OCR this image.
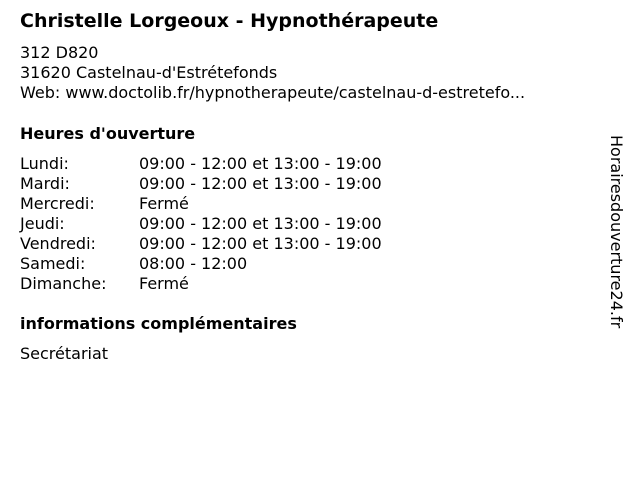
Christelle Lorgeoux - Hypnothérapeute
312 D820
31620 Castelnau-d'Estrétefonds
Web: www.doctolib.fr/hypnotherapeute/castelnau-d-estretefo...
Heures d'ouverture
Lundi:	09:00 - 12:00 et 13:00 - 19:00
Mardi:	09:00 - 12:00 et 13:00 - 19:00
Mercredi:	Fermé
Jeudi:	09:00 - 12:00 et 13:00 - 19:00
Vendredi:	09:00 - 12:00 et 13:00 - 19:00
Samedi:	08:00 - 12:00
Dimanche:	Fermé
informations complémentaires
Secrétariat
Horairesdouverture24.fr
